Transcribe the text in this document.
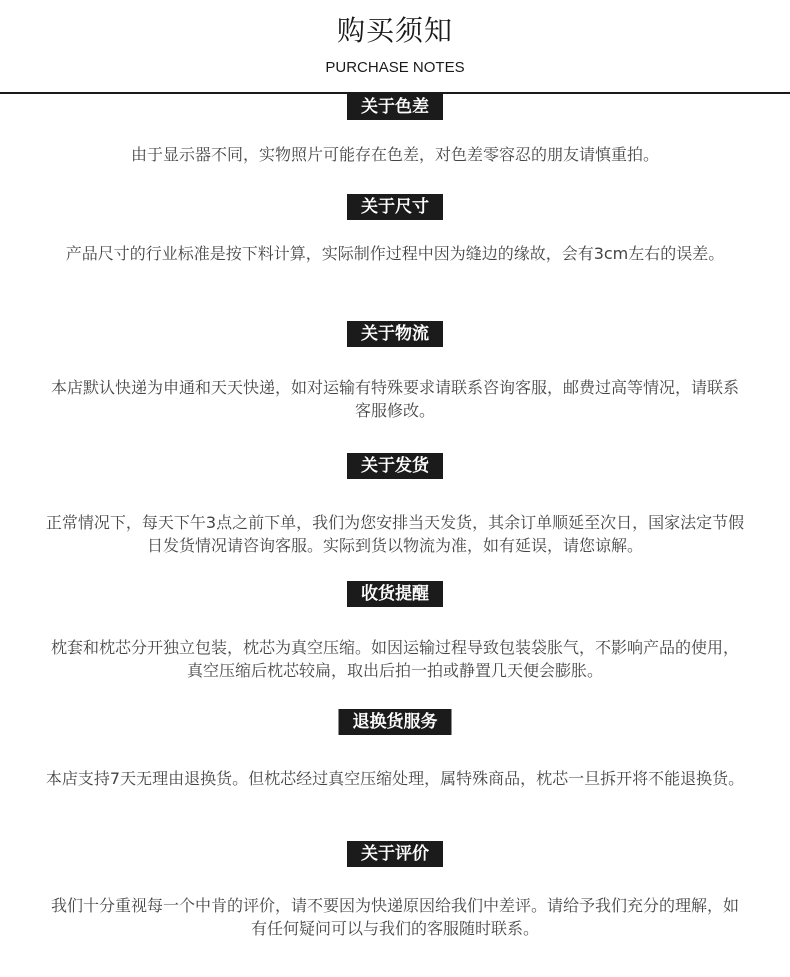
购买须知
PURCHASE NOTES
关于色差
由于显示器不同，实物照片可能存在色差，对色差零容忍的朋友请慎重拍。
关于尺寸
产品尺寸的行业标准是按下料计算，实际制作过程中因为缝边的缘故，会有3cm左右的误差。
关于物流
本店默认快递为申通和天天快递，如对运输有特殊要求请联系咨询客服，邮费过高等情况，请联系客服修改。
关于发货
正常情况下，每天下午3点之前下单，我们为您安排当天发货，其余订单顺延至次日，国家法定节假日发货情况请咨询客服。实际到货以物流为准，如有延误，请您谅解。
收货提醒
枕套和枕芯分开独立包装，枕芯为真空压缩。如因运输过程导致包装袋胀气，不影响产品的使用，真空压缩后枕芯较扁，取出后拍一拍或静置几天便会膨胀。
退换货服务
本店支持7天无理由退换货。但枕芯经过真空压缩处理，属特殊商品，枕芯一旦拆开将不能退换货。
关于评价
我们十分重视每一个中肯的评价，请不要因为快递原因给我们中差评。请给予我们充分的理解，如有任何疑问可以与我们的客服随时联系。
